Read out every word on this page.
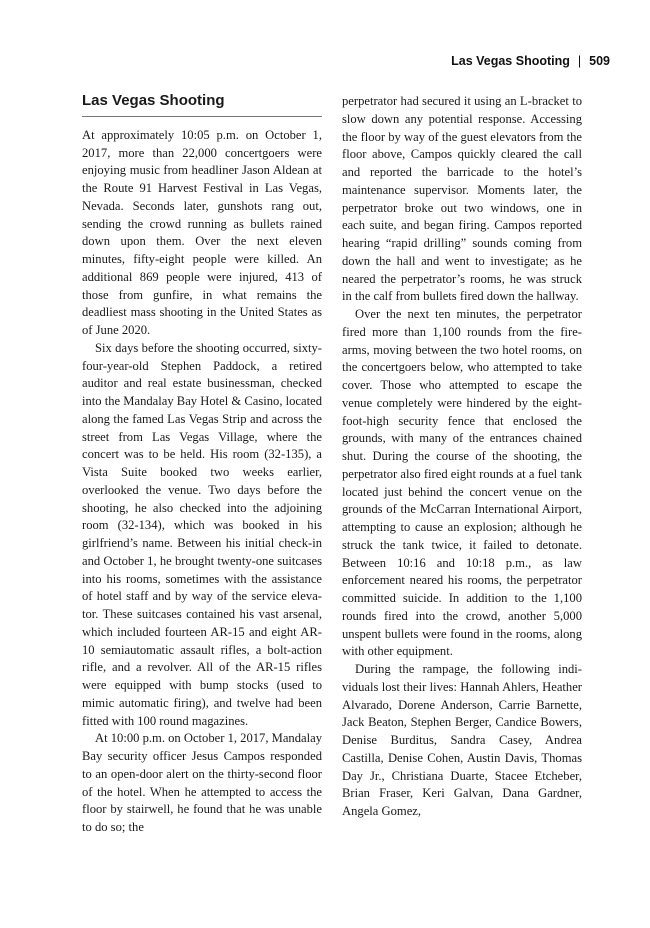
Las Vegas Shooting | 509
Las Vegas Shooting

At approximately 10:05 p.m. on October 1, 2017, more than 22,000 concertgoers were enjoying music from headliner Jason Aldean at the Route 91 Harvest Festival in Las Vegas, Nevada. Seconds later, gunshots rang out, sending the crowd running as bullets rained down upon them. Over the next eleven minutes, fifty-eight people were killed. An additional 869 people were injured, 413 of those from gunfire, in what remains the deadliest mass shooting in the United States as of June 2020.

Six days before the shooting occurred, sixty-four-year-old Stephen Paddock, a retired auditor and real estate businessman, checked into the Mandalay Bay Hotel & Casino, located along the famed Las Vegas Strip and across the street from Las Vegas Village, where the concert was to be held. His room (32-135), a Vista Suite booked two weeks earlier, overlooked the venue. Two days before the shooting, he also checked into the adjoining room (32-134), which was booked in his girlfriend’s name. Between his initial check-in and October 1, he brought twenty-one suitcases into his rooms, sometimes with the assistance of hotel staff and by way of the service elevator. These suitcases contained his vast arsenal, which included fourteen AR-15 and eight AR-10 semiautomatic assault rifles, a bolt-action rifle, and a revolver. All of the AR-15 rifles were equipped with bump stocks (used to mimic automatic firing), and twelve had been fitted with 100 round magazines.

At 10:00 p.m. on October 1, 2017, Mandalay Bay security officer Jesus Campos responded to an open-door alert on the thirty-second floor of the hotel. When he attempted to access the floor by stairwell, he found that he was unable to do so; the

perpetrator had secured it using an L-bracket to slow down any potential response. Accessing the floor by way of the guest elevators from the floor above, Campos quickly cleared the call and reported the barricade to the hotel’s maintenance supervisor. Moments later, the perpetrator broke out two windows, one in each suite, and began firing. Campos reported hearing “rapid drilling” sounds coming from down the hall and went to investigate; as he neared the perpetrator’s rooms, he was struck in the calf from bullets fired down the hallway.

Over the next ten minutes, the perpetrator fired more than 1,100 rounds from the firearms, moving between the two hotel rooms, on the concertgoers below, who attempted to take cover. Those who attempted to escape the venue completely were hindered by the eight-foot-high security fence that enclosed the grounds, with many of the entrances chained shut. During the course of the shooting, the perpetrator also fired eight rounds at a fuel tank located just behind the concert venue on the grounds of the McCarran International Airport, attempting to cause an explosion; although he struck the tank twice, it failed to detonate. Between 10:16 and 10:18 p.m., as law enforcement neared his rooms, the perpetrator committed suicide. In addition to the 1,100 rounds fired into the crowd, another 5,000 unspent bullets were found in the rooms, along with other equipment.

During the rampage, the following individuals lost their lives: Hannah Ahlers, Heather Alvarado, Dorene Anderson, Carrie Barnette, Jack Beaton, Stephen Berger, Candice Bowers, Denise Burditus, Sandra Casey, Andrea Castilla, Denise Cohen, Austin Davis, Thomas Day Jr., Christiana Duarte, Stacee Etcheber, Brian Fraser, Keri Galvan, Dana Gardner, Angela Gomez,
